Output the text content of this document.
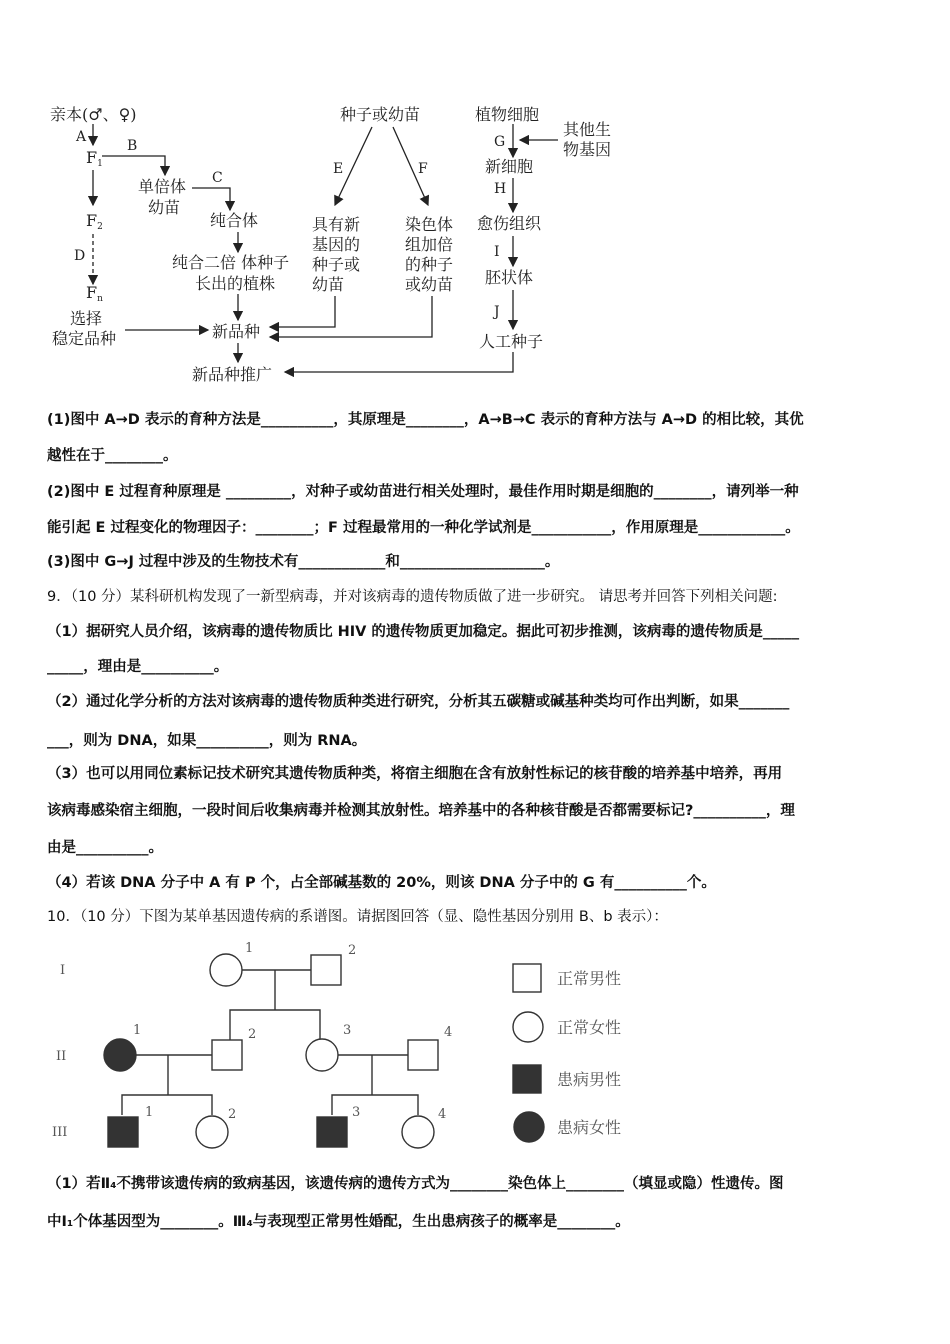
亲本(♂、♀)
A
F1
B
单倍体
幼苗
C
纯合体
纯合二倍 体种子
长出的植株
F2
D
Fn
选择
稳定品种	新品种
新品种推广
种子或幼苗
E	F
具有新
基因的
种子或
幼苗
染色体
组加倍
的种子
或幼苗
植物细胞
G
其他生
物基因
新细胞
H
愈伤组织
I
胚状体
J
人工种子
(1)图中 A→D 表示的育种方法是__________，其原理是________，A→B→C 表示的育种方法与 A→D 的相比较，其优
越性在于________。
(2)图中 E 过程育种原理是 _________，对种子或幼苗进行相关处理时，最佳作用时期是细胞的________，请列举一种
能引起 E 过程变化的物理因子：________；F 过程最常用的一种化学试剂是___________，作用原理是____________。
(3)图中 G→J 过程中涉及的生物技术有____________和____________________。
9．（10 分）某科研机构发现了一新型病毒，并对该病毒的遗传物质做了进一步研究。 请思考并回答下列相关问题:
（1）据研究人员介绍，该病毒的遗传物质比 HIV 的遗传物质更加稳定。据此可初步推测，该病毒的遗传物质是_____
_____，理由是__________。
（2）通过化学分析的方法对该病毒的遗传物质种类进行研究，分析其五碳糖或碱基种类均可作出判断，如果_______
___，则为 DNA，如果__________，则为 RNA。
（3）也可以用同位素标记技术研究其遗传物质种类，将宿主细胞在含有放射性标记的核苷酸的培养基中培养，再用
该病毒感染宿主细胞，一段时间后收集病毒并检测其放射性。培养基中的各种核苷酸是否都需要标记?__________，理
由是__________。
（4）若该 DNA 分子中 A 有 P 个，占全部碱基数的 20%，则该 DNA 分子中的 G 有__________个。
10．（10 分）下图为某单基因遗传病的系谱图。请据图回答（显、隐性基因分别用 B、b 表示）：
I
II
III
1	2
1	2	3	4
1	2	3	4
正常男性
正常女性
患病男性
患病女性
（1）若Ⅱ₄不携带该遗传病的致病基因，该遗传病的遗传方式为________染色体上________（填显或隐）性遗传。图
中Ⅰ₁个体基因型为________。Ⅲ₄与表现型正常男性婚配，生出患病孩子的概率是________。
